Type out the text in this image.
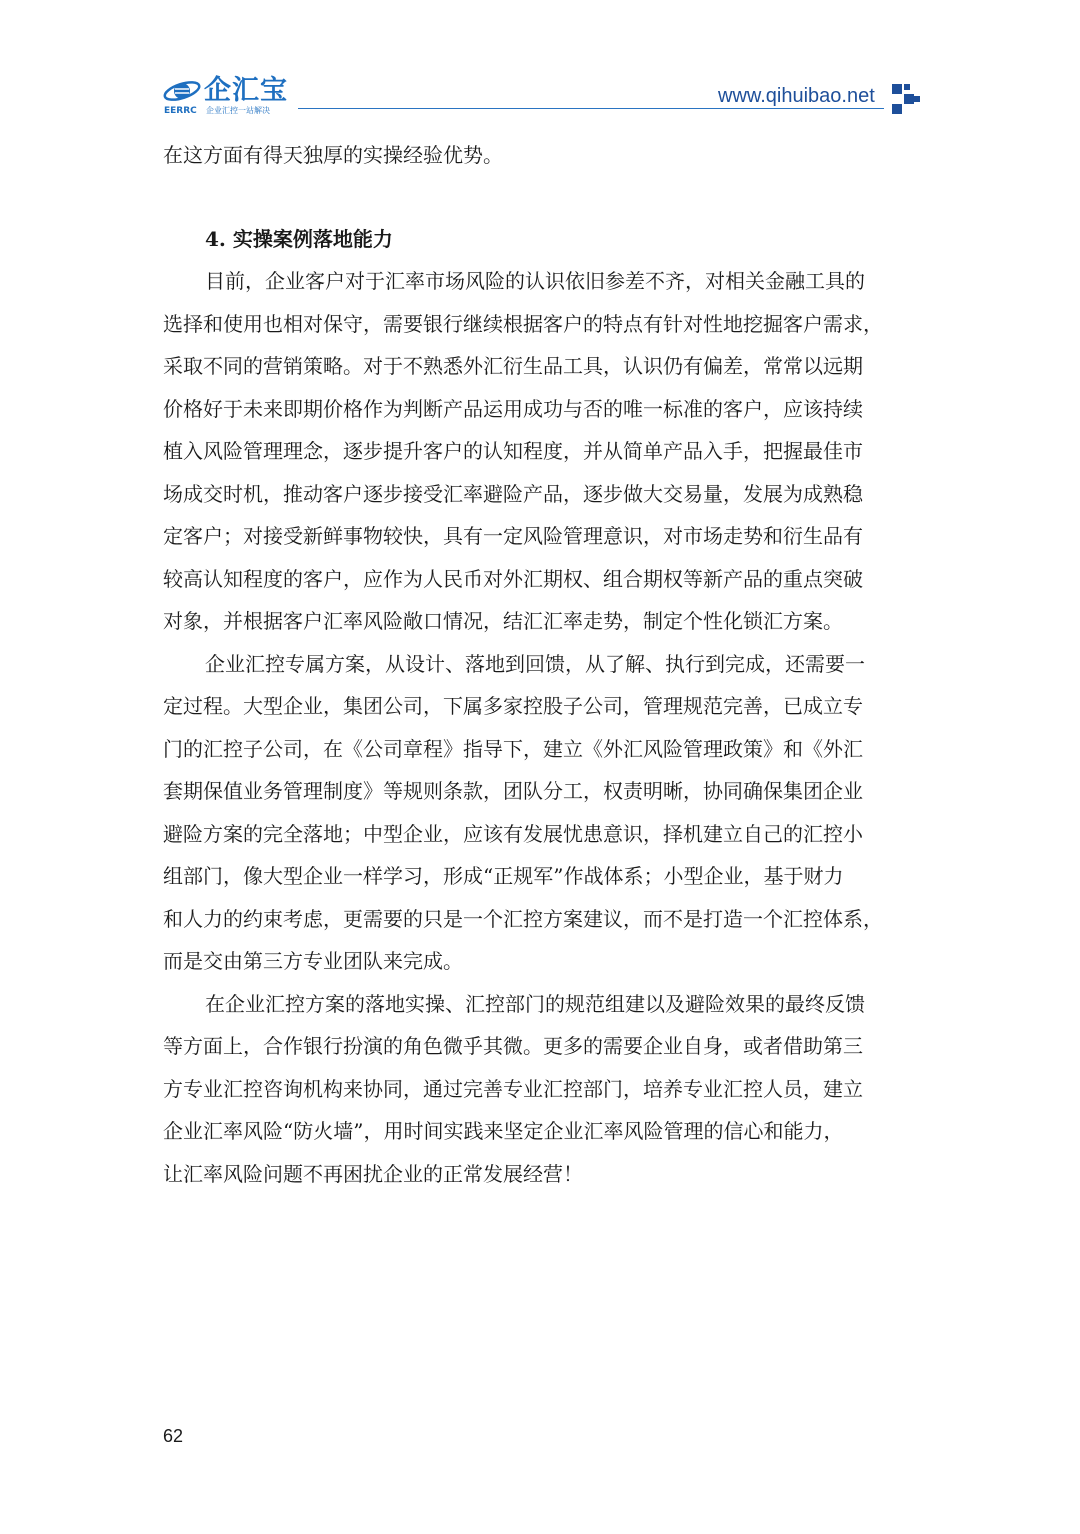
企汇宝
EERRC 企业汇控一站解决
www.qihuibao.net

在这方面有得天独厚的实操经验优势。

4. 实操案例落地能力

目前，企业客户对于汇率市场风险的认识依旧参差不齐，对相关金融工具的

选择和使用也相对保守，需要银行继续根据客户的特点有针对性地挖掘客户需求，

采取不同的营销策略。对于不熟悉外汇衍生品工具，认识仍有偏差，常常以远期

价格好于未来即期价格作为判断产品运用成功与否的唯一标准的客户，应该持续

植入风险管理理念，逐步提升客户的认知程度，并从简单产品入手，把握最佳市

场成交时机，推动客户逐步接受汇率避险产品，逐步做大交易量，发展为成熟稳

定客户；对接受新鲜事物较快，具有一定风险管理意识，对市场走势和衍生品有

较高认知程度的客户，应作为人民币对外汇期权、组合期权等新产品的重点突破

对象，并根据客户汇率风险敞口情况，结汇汇率走势，制定个性化锁汇方案。

企业汇控专属方案，从设计、落地到回馈，从了解、执行到完成，还需要一

定过程。大型企业，集团公司，下属多家控股子公司，管理规范完善，已成立专

门的汇控子公司，在《公司章程》指导下，建立《外汇风险管理政策》和《外汇

套期保值业务管理制度》等规则条款，团队分工，权责明晰，协同确保集团企业

避险方案的完全落地；中型企业，应该有发展忧患意识，择机建立自己的汇控小

组部门，像大型企业一样学习，形成“正规军”作战体系；小型企业，基于财力

和人力的约束考虑，更需要的只是一个汇控方案建议，而不是打造一个汇控体系，

而是交由第三方专业团队来完成。

在企业汇控方案的落地实操、汇控部门的规范组建以及避险效果的最终反馈

等方面上，合作银行扮演的角色微乎其微。更多的需要企业自身，或者借助第三

方专业汇控咨询机构来协同，通过完善专业汇控部门，培养专业汇控人员，建立

企业汇率风险“防火墙”，用时间实践来坚定企业汇率风险管理的信心和能力，

让汇率风险问题不再困扰企业的正常发展经营！

62
